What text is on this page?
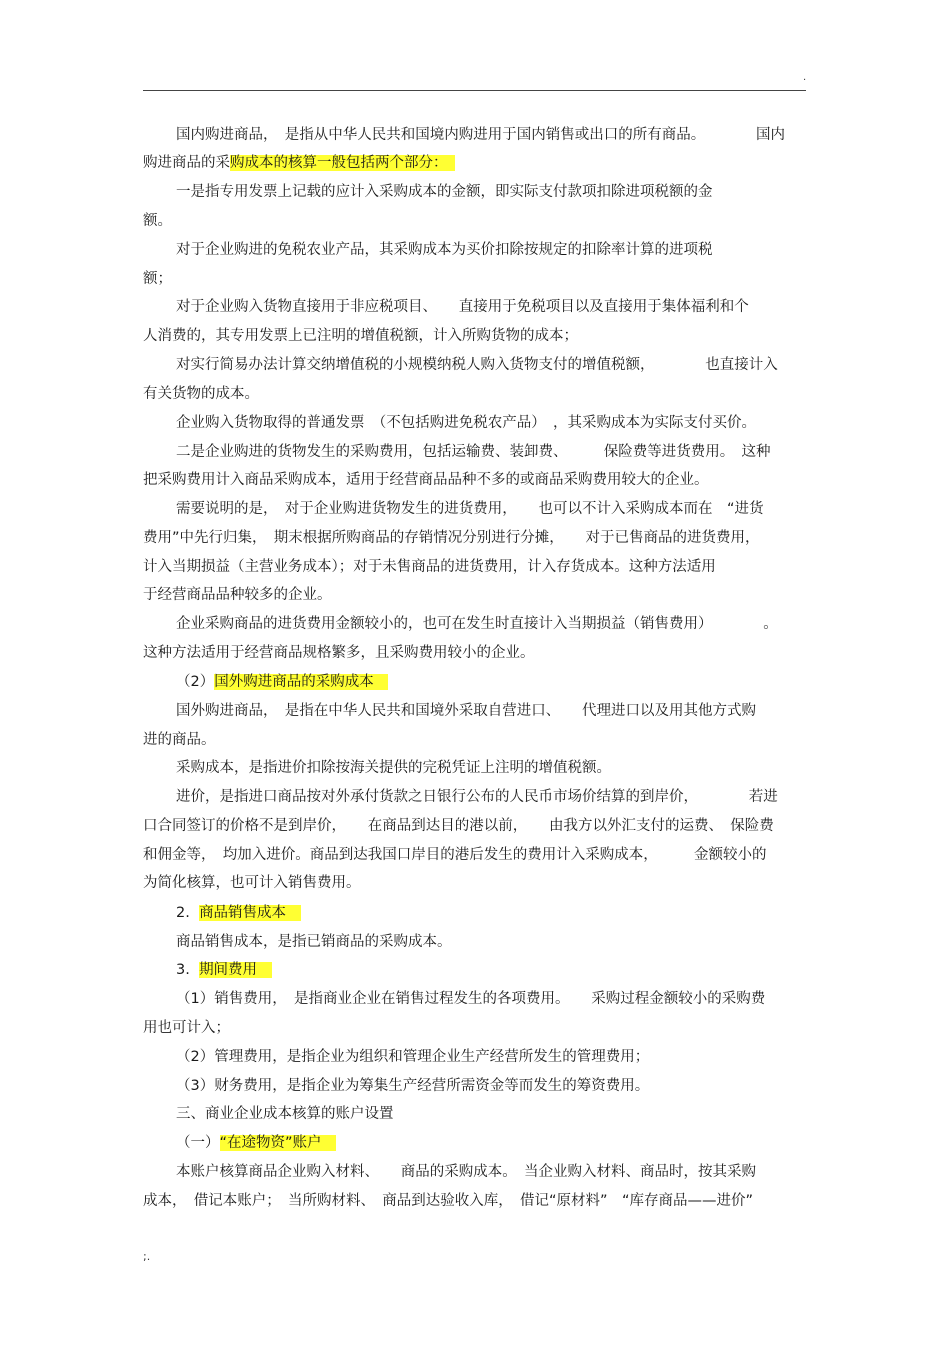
.
国内购进商品，　是指从中华人民共和国境内购进用于国内销售或出口的所有商品。　　　　国内
购进商品的采购成本的核算一般包括两个部分：　
一是指专用发票上记载的应计入采购成本的金额，即实际支付款项扣除进项税额的金
额。
对于企业购进的免税农业产品，其采购成本为买价扣除按规定的扣除率计算的进项税
额；
对于企业购入货物直接用于非应税项目、　　直接用于免税项目以及直接用于集体福利和个
人消费的，其专用发票上已注明的增值税额，计入所购货物的成本；
对实行简易办法计算交纳增值税的小规模纳税人购入货物支付的增值税额，　　　　也直接计入
有关货物的成本。
企业购入货物取得的普通发票　（不包括购进免税农产品）　，其采购成本为实际支付买价。
二是企业购进的货物发生的采购费用，包括运输费、装卸费、　　　保险费等进货费用。　这种
把采购费用计入商品采购成本，适用于经营商品品种不多的或商品采购费用较大的企业。
需要说明的是，　对于企业购进货物发生的进货费用，　　也可以不计入采购成本而在　“进货
费用”中先行归集，　期末根据所购商品的存销情况分别进行分摊，　　对于已售商品的进货费用，
计入当期损益（主营业务成本）；对于未售商品的进货费用，计入存货成本。这种方法适用
于经营商品品种较多的企业。
企业采购商品的进货费用金额较小的，也可在发生时直接计入当期损益（销售费用）　　　　。
这种方法适用于经营商品规格繁多，且采购费用较小的企业。
（2）国外购进商品的采购成本　
国外购进商品，　是指在中华人民共和国境外采取自营进口、　　代理进口以及用其他方式购
进的商品。
采购成本，是指进价扣除按海关提供的完税凭证上注明的增值税额。
进价，是指进口商品按对外承付货款之日银行公布的人民币市场价结算的到岸价，　　　　若进
口合同签订的价格不是到岸价，　　在商品到达目的港以前，　　由我方以外汇支付的运费、　保险费
和佣金等，　均加入进价。商品到达我国口岸目的港后发生的费用计入采购成本，　　　金额较小的
为简化核算，也可计入销售费用。
2.  商品销售成本　
商品销售成本，是指已销商品的采购成本。
3.  期间费用　
（1）销售费用，　是指商业企业在销售过程发生的各项费用。　　采购过程金额较小的采购费
用也可计入；
（2）管理费用，是指企业为组织和管理企业生产经营所发生的管理费用；
（3）财务费用，是指企业为筹集生产经营所需资金等而发生的筹资费用。
三、商业企业成本核算的账户设置
（一）“在途物资”账户　
本账户核算商品企业购入材料、　　商品的采购成本。　当企业购入材料、商品时，按其采购
成本，　借记本账户；　当所购材料、　商品到达验收入库，　借记“原材料”　“库存商品——进价”
;.
